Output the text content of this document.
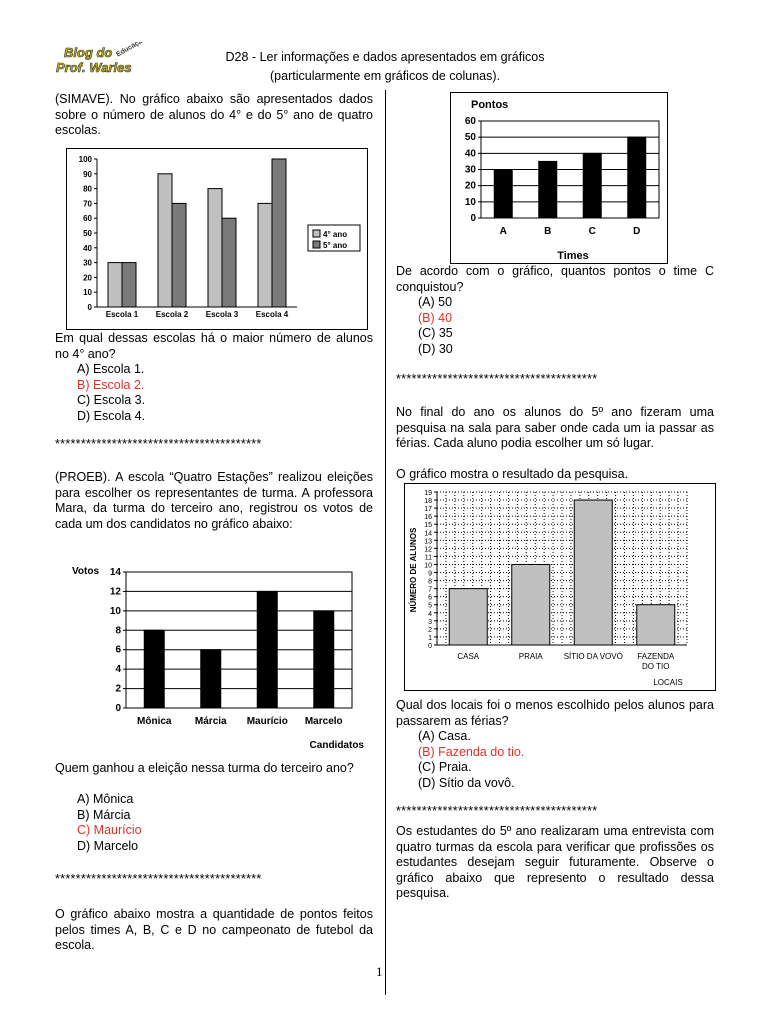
Blog do
Prof. Warles
Educação	D28 - Ler informações e dados apresentados em gráficos
(particularmente em gráficos de colunas).
(SIMAVE). No gráfico abaixo são apresentados dados sobre o número de alunos do 4° e do 5° ano de quatro escolas.
0
10
20
30
40
50
60
70
80
90
100
Escola 1 Escola 2 Escola 3 Escola 4
4° ano
5° ano
Em qual dessas escolas há o maior número de alunos no 4° ano?
A) Escola 1.
B) Escola 2.
C) Escola 3.
D) Escola 4.
****************************************
(PROEB). A escola “Quatro Estações” realizou eleições para escolher os representantes de turma. A professora Mara, da turma do terceiro ano, registrou os votos de cada um dos candidatos no gráfico abaixo:
0
2
4
6
8
10
12
14
Mônica Márcia Maurício Marcelo
Votos
Candidatos
Quem ganhou a eleição nessa turma do terceiro ano?
A) Mônica
B) Márcia
C) Maurício
D) Marcelo
****************************************
O gráfico abaixo mostra a quantidade de pontos feitos pelos times A, B, C e D no campeonato de futebol da escola.
0
10
20
30
40
50
60
A	B	C	D
Pontos
Times
De acordo com o gráfico, quantos pontos o time C conquistou?
(A) 50
(B) 40
(C) 35
(D) 30
***************************************
No final do ano os alunos do 5º ano fizeram uma pesquisa na sala para saber onde cada um ia passar as férias. Cada aluno podia escolher um só lugar.
O gráfico mostra o resultado da pesquisa.
0
1
2
3
4
5
6
7
8
9
10
11
12
13
14
15
16
17
18
19
CASA	PRAIA	SÍTIO DA VOVÓ FAZENDA
DO TIO
NÚMERO DE ALUNOS
LOCAIS
Qual dos locais foi o menos escolhido pelos alunos para passarem as férias?
(A) Casa.
(B) Fazenda do tio.
(C) Praia.
(D) Sítio da vovô.
***************************************
Os estudantes do 5º ano realizaram uma entrevista com quatro turmas da escola para verificar que profissões os estudantes desejam seguir futuramente. Observe o gráfico abaixo que represento o resultado dessa pesquisa.
1
